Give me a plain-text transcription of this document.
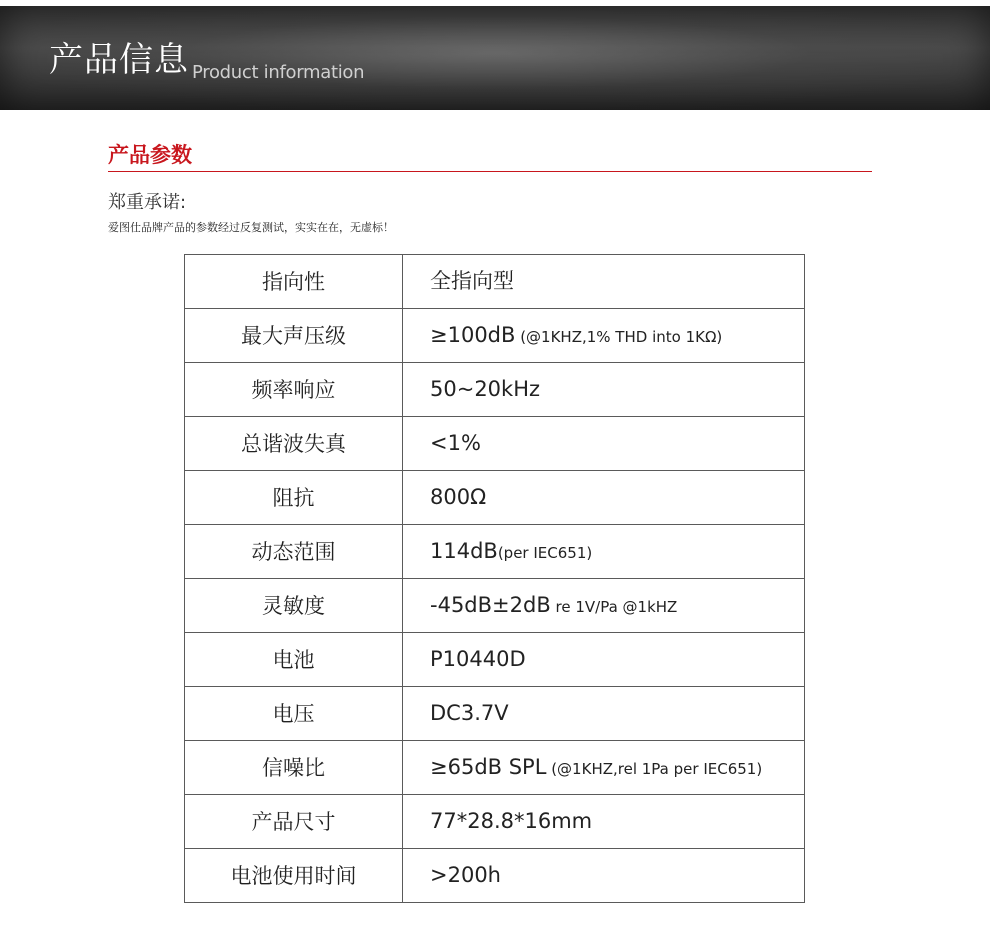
产品信息 Product information
产品参数
郑重承诺:
爱图仕品牌产品的参数经过反复测试，实实在在，无虚标！
指向性	全指向型
最大声压级	≥100dB (@1KHZ,1% THD into 1KΩ)
频率响应	50~20kHz
总谐波失真	<1%
阻抗	800Ω
动态范围	114dB(per IEC651)
灵敏度	-45dB±2dB re 1V/Pa @1kHZ
电池	P10440D
电压	DC3.7V
信噪比	≥65dB SPL (@1KHZ,rel 1Pa per IEC651)
产品尺寸	77*28.8*16mm
电池使用时间	>200h
